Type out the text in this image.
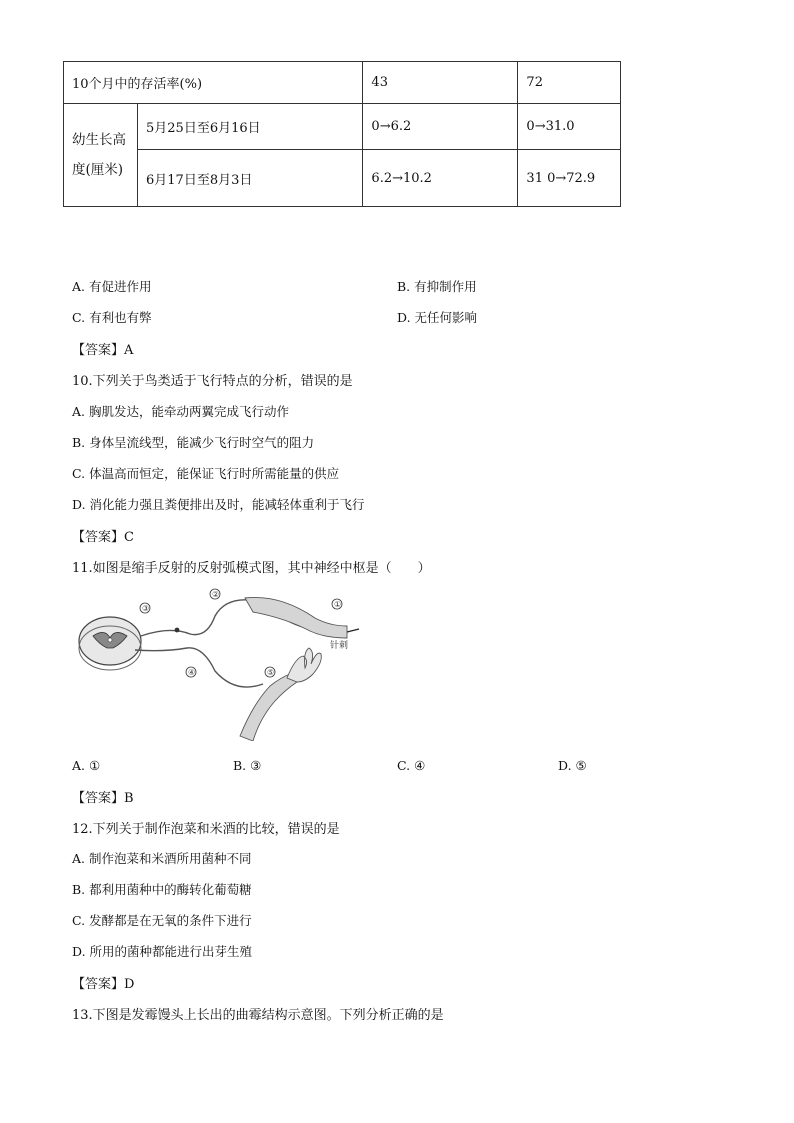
10个月中的存活率(%)		43	72
幼生长高度(厘米)	5月25日至6月16日	0→6.2	0→31.0
	6月17日至8月3日	6.2→10.2	31 0→72.9
A. 有促进作用	B. 有抑制作用
C. 有利也有弊	D. 无任何影响
【答案】A
10.下列关于鸟类适于飞行特点的分析，错误的是
A. 胸肌发达，能牵动两翼完成飞行动作
B. 身体呈流线型，能减少飞行时空气的阻力
C. 体温高而恒定，能保证飞行时所需能量的供应
D. 消化能力强且粪便排出及时，能减轻体重利于飞行
【答案】C
11.如图是缩手反射的反射弧模式图，其中神经中枢是（　　）
③
②
①
④	⑤
针刺
A. ①	B. ③	C. ④	D. ⑤
【答案】B
12.下列关于制作泡菜和米酒的比较，错误的是
A. 制作泡菜和米酒所用菌种不同
B. 都利用菌种中的酶转化葡萄糖
C. 发酵都是在无氧的条件下进行
D. 所用的菌种都能进行出芽生殖
【答案】D
13.下图是发霉馒头上长出的曲霉结构示意图。下列分析正确的是
